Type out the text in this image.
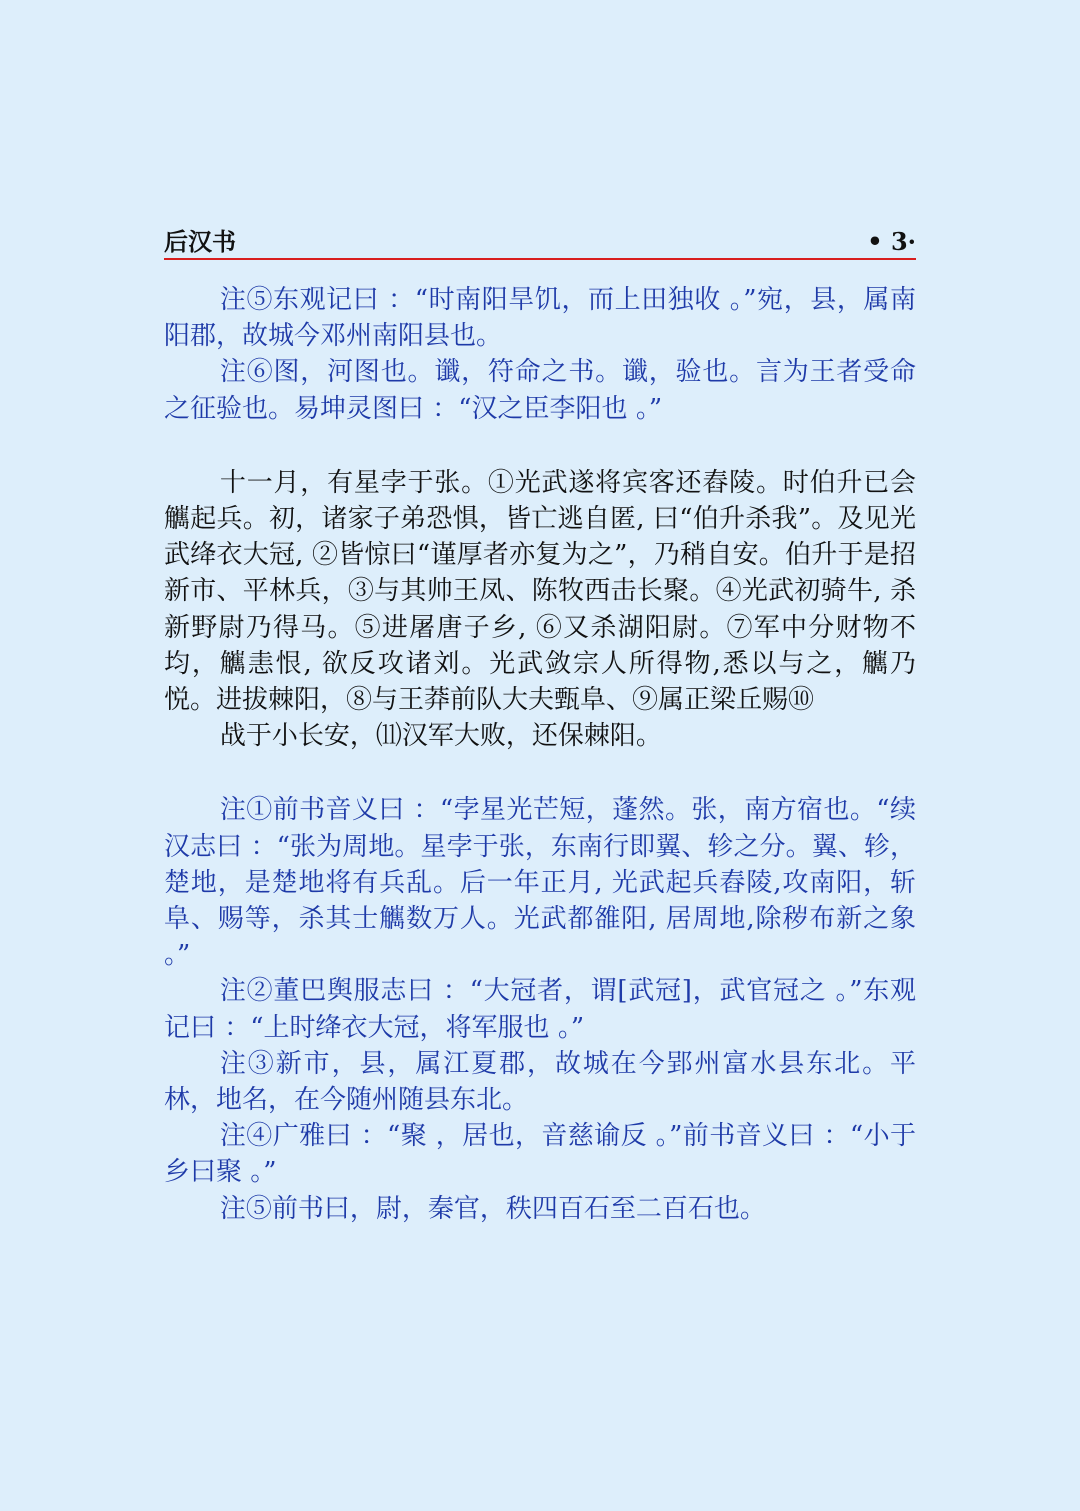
后汉书	• 3·

注⑤东观记曰 ：“时南阳旱饥，而上田独收 。”宛，县，属南阳郡，故城今邓州南阳县也。

注⑥图，河图也。谶，符命之书。谶，验也。言为王者受命之征验也。易坤灵图曰 ：“汉之臣李阳也 。”

十一月，有星孛于张。①光武遂将宾客还舂陵。时伯升已会觽起兵。初，诸家子弟恐惧，皆亡逃自匿, 曰“伯升杀我”。及见光武绛衣大冠, ②皆惊曰“谨厚者亦复为之”，乃稍自安。伯升于是招新市、平林兵，③与其帅王凤、陈牧西击长聚。④光武初骑牛, 杀新野尉乃得马。⑤进屠唐子乡, ⑥又杀湖阳尉。⑦军中分财物不均，觽恚恨, 欲反攻诸刘。光武敛宗人所得物,悉以与之，觽乃悦。进拔棘阳，⑧与王莽前队大夫甄阜、⑨属正梁丘赐⑩

战于小长安，⑾汉军大败，还保棘阳。

注①前书音义曰 ：“孛星光芒短，蓬然。张，南方宿也。“续汉志曰 ：“张为周地。星孛于张，东南行即翼、轸之分。翼、轸，楚地，是楚地将有兵乱。后一年正月, 光武起兵舂陵,攻南阳，斩阜、赐等，杀其士觽数万人。光武都雒阳, 居周地,除秽布新之象 。”

注②董巴舆服志曰 ：“大冠者，谓[武冠]，武官冠之 。”东观记曰 ：“上时绛衣大冠，将军服也 。”

注③新市，县，属江夏郡，故城在今郢州富水县东北。平林，地名，在今随州随县东北。

注④广雅曰 ：“聚 ，居也，音慈谕反 。”前书音义曰 ：“小于乡曰聚 。”

注⑤前书曰，尉，秦官，秩四百石至二百石也。
